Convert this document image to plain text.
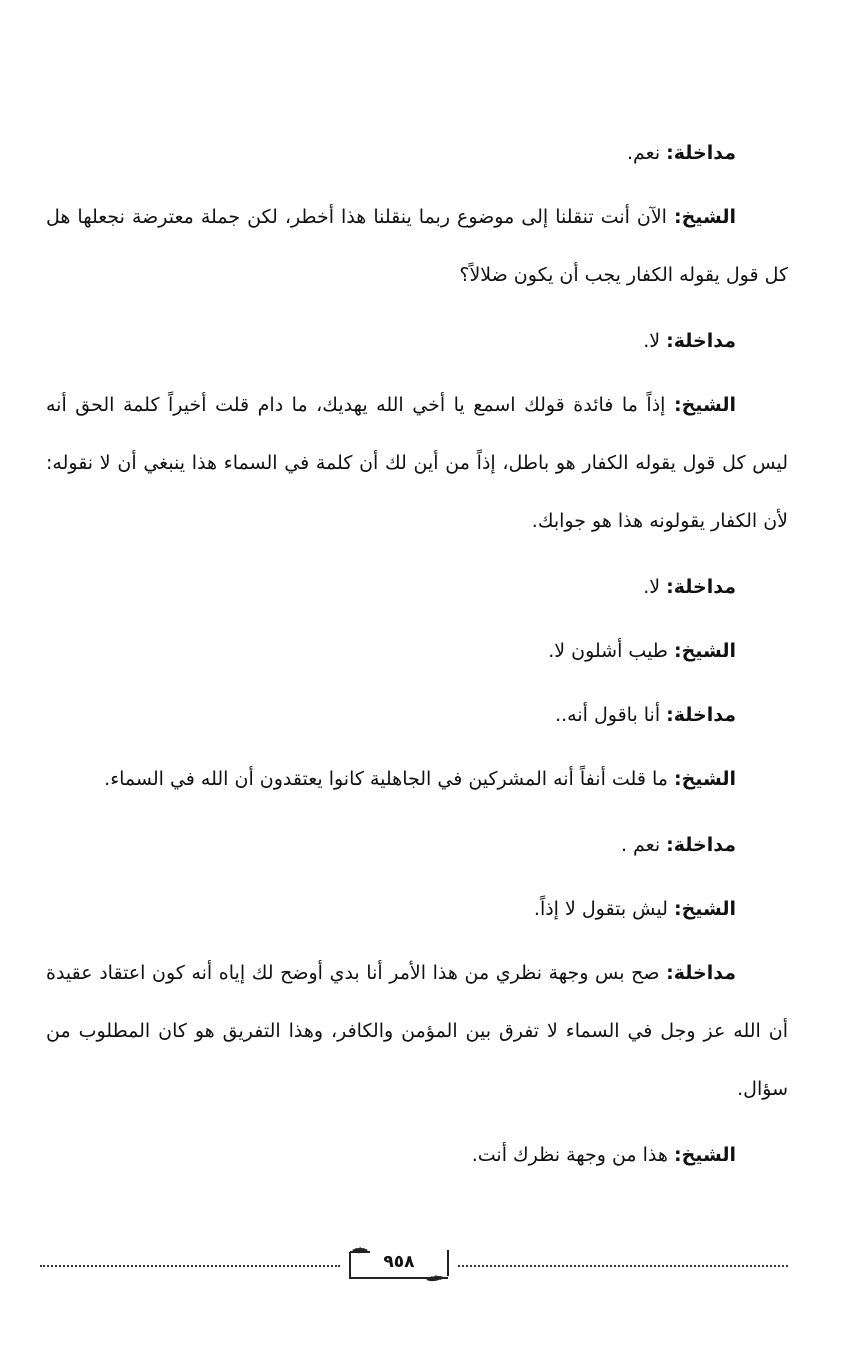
مداخلة: نعم.

الشيخ: الآن أنت تنقلنا إلى موضوع ربما ينقلنا هذا أخطر، لكن جملة معترضة نجعلها هل كل قول يقوله الكفار يجب أن يكون ضلالاً؟

مداخلة: لا.

الشيخ: إذاً ما فائدة قولك اسمع يا أخي الله يهديك، ما دام قلت أخيراً كلمة الحق أنه ليس كل قول يقوله الكفار هو باطل، إذاً من أين لك أن كلمة في السماء هذا ينبغي أن لا نقوله: لأن الكفار يقولونه هذا هو جوابك.

مداخلة: لا.

الشيخ: طيب أشلون لا.

مداخلة: أنا باقول أنه..

الشيخ: ما قلت أنفاً أنه المشركين في الجاهلية كانوا يعتقدون أن الله في السماء.

مداخلة: نعم .

الشيخ: ليش بتقول لا إذاً.

مداخلة: صح بس وجهة نظري من هذا الأمر أنا بدي أوضح لك إياه أنه كون اعتقاد عقيدة أن الله عز وجل في السماء لا تفرق بين المؤمن والكافر، وهذا التفريق هو كان المطلوب من سؤال.

الشيخ: هذا من وجهة نظرك أنت.

٩٥٨
